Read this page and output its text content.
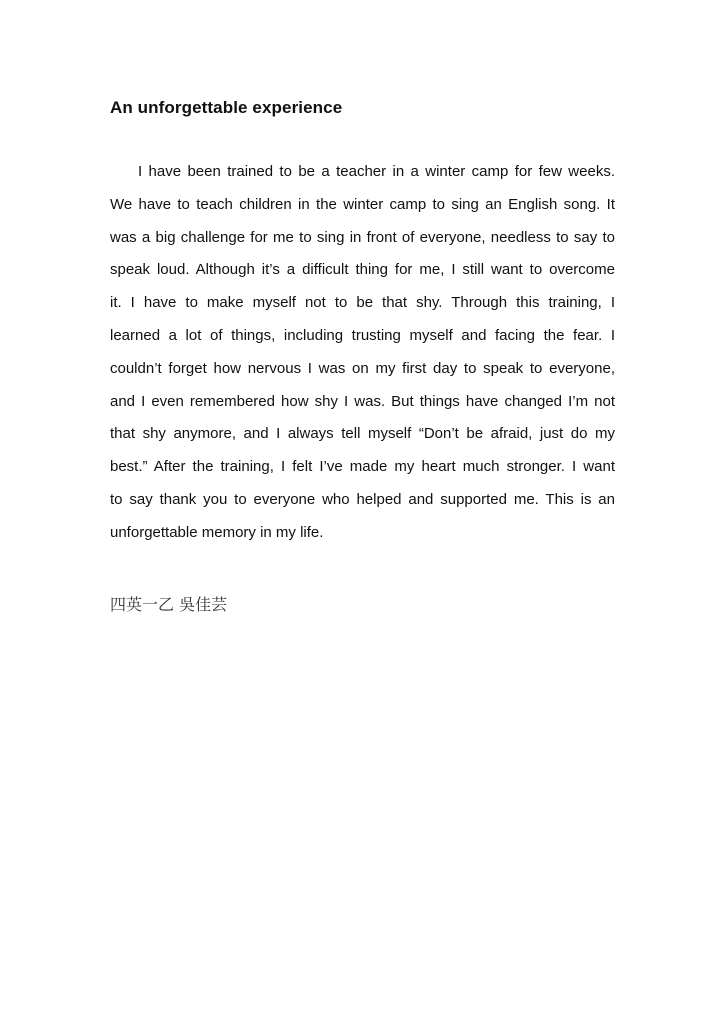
An unforgettable experience
I have been trained to be a teacher in a winter camp for few weeks.
We have to teach children in the winter camp to sing an English song. It
was a big challenge for me to sing in front of everyone, needless to say to
speak loud. Although it’s a difficult thing for me, I still want to overcome
it. I have to make myself not to be that shy. Through this training, I
learned a lot of things, including trusting myself and facing the fear. I
couldn’t forget how nervous I was on my first day to speak to everyone,
and I even remembered how shy I was. But things have changed I’m not
that shy anymore, and I always tell myself “Don’t be afraid, just do my
best.” After the training, I felt I’ve made my heart much stronger. I want
to say thank you to everyone who helped and supported me. This is an
unforgettable memory in my life.
四英一乙 吳佳芸
